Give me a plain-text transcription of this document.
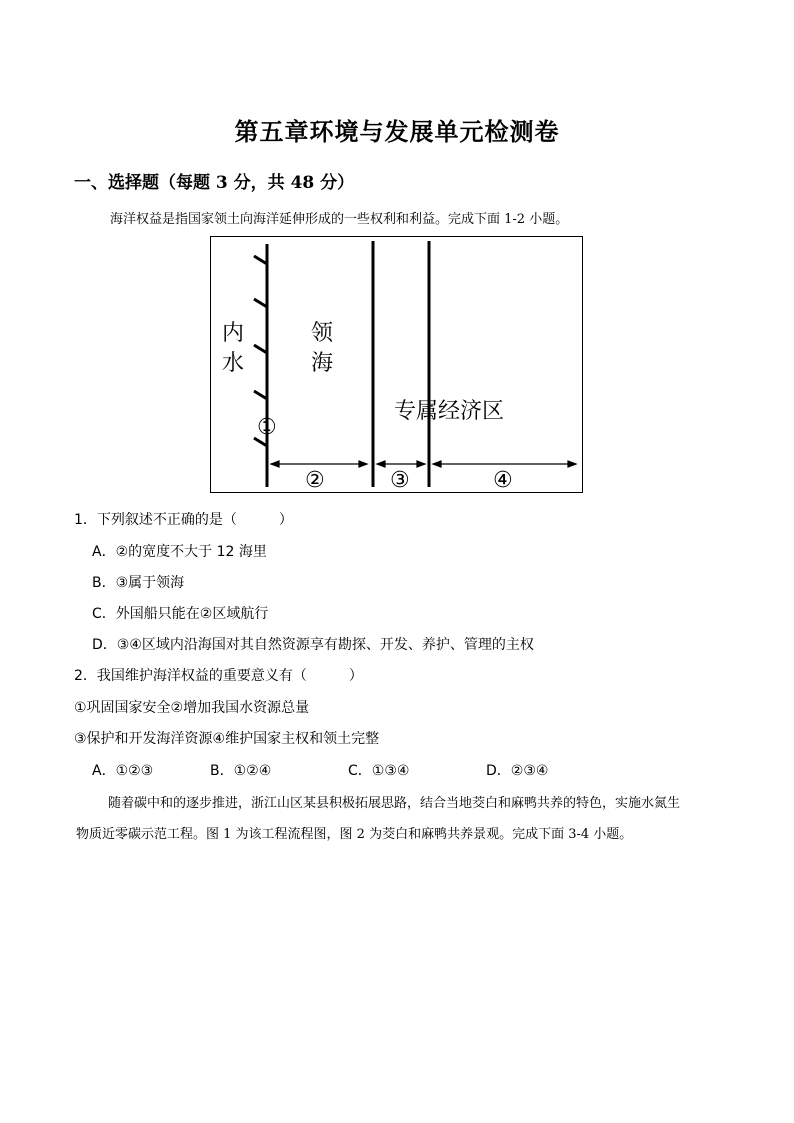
第五章环境与发展单元检测卷
一、选择题（每题 3 分，共 48 分）
海洋权益是指国家领土向海洋延伸形成的一些权利和利益。完成下面 1-2 小题。
内
水
领
海
专属经济区
①
②	③	④
1．下列叙述不正确的是（　　　）
A．②的宽度不大于 12 海里
B．③属于领海
C．外国船只能在②区域航行
D．③④区域内沿海国对其自然资源享有勘探、开发、养护、管理的主权
2．我国维护海洋权益的重要意义有（　　　）
①巩固国家安全②增加我国水资源总量
③保护和开发海洋资源④维护国家主权和领土完整
A．①②③	B．①②④	C．①③④	D．②③④
随着碳中和的逐步推进，浙江山区某县积极拓展思路，结合当地茭白和麻鸭共养的特色，实施水氮生
物质近零碳示范工程。图 1 为该工程流程图，图 2 为茭白和麻鸭共养景观。完成下面 3-4 小题。
